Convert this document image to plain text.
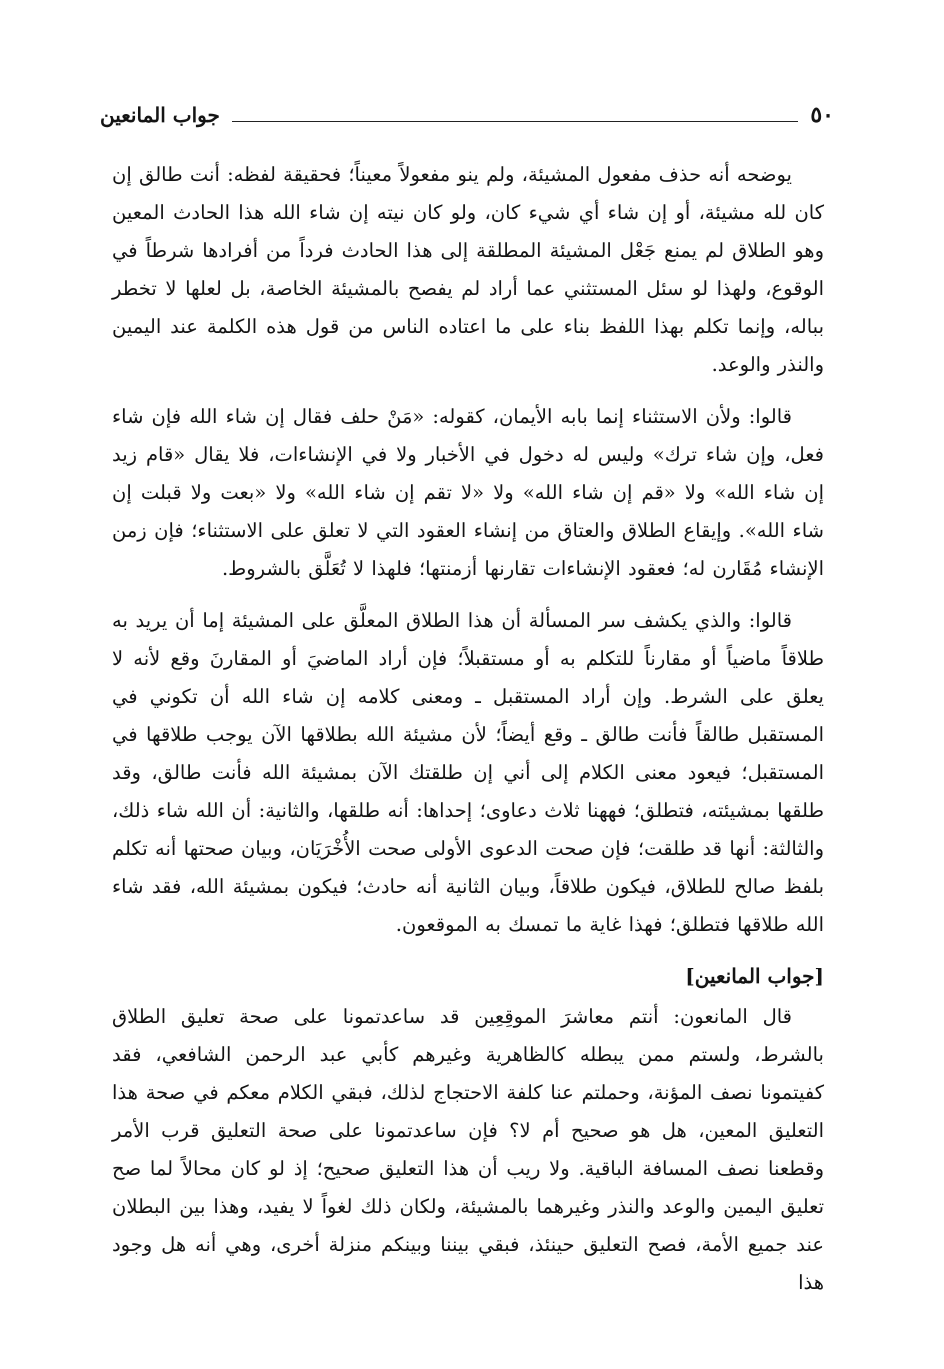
٥٠
جواب المانعين

يوضحه أنه حذف مفعول المشيئة، ولم ينو مفعولاً معيناً؛ فحقيقة لفظه: أنت طالق إن كان لله مشيئة، أو إن شاء أي شيء كان، ولو كان نيته إن شاء الله هذا الحادث المعين وهو الطلاق لم يمنع جَعْل المشيئة المطلقة إلى هذا الحادث فرداً من أفرادها شرطاً في الوقوع، ولهذا لو سئل المستثني عما أراد لم يفصح بالمشيئة الخاصة، بل لعلها لا تخطر بباله، وإنما تكلم بهذا اللفظ بناء على ما اعتاده الناس من قول هذه الكلمة عند اليمين والنذر والوعد.

قالوا: ولأن الاستثناء إنما بابه الأيمان، كقوله: «مَنْ حلف فقال إن شاء الله فإن شاء فعل، وإن شاء ترك» وليس له دخول في الأخبار ولا في الإنشاءات، فلا يقال «قام زيد إن شاء الله» ولا «قم إن شاء الله» ولا «لا تقم إن شاء الله» ولا «بعت ولا قبلت إن شاء الله». وإيقاع الطلاق والعتاق من إنشاء العقود التي لا تعلق على الاستثناء؛ فإن زمن الإنشاء مُقَارن له؛ فعقود الإنشاءات تقارنها أزمنتها؛ فلهذا لا تُعَلَّق بالشروط.

قالوا: والذي يكشف سر المسألة أن هذا الطلاق المعلَّق على المشيئة إما أن يريد به طلاقاً ماضياً أو مقارناً للتكلم به أو مستقبلاً؛ فإن أراد الماضيَ أو المقارنَ وقع لأنه لا يعلق على الشرط. وإن أراد المستقبل ـ ومعنى كلامه إن شاء الله أن تكوني في المستقبل طالقاً فأنت طالق ـ وقع أيضاً؛ لأن مشيئة الله بطلاقها الآن يوجب طلاقها في المستقبل؛ فيعود معنى الكلام إلى أني إن طلقتك الآن بمشيئة الله فأنت طالق، وقد طلقها بمشيئته، فتطلق؛ فههنا ثلاث دعاوى؛ إحداها: أنه طلقها، والثانية: أن الله شاء ذلك، والثالثة: أنها قد طلقت؛ فإن صحت الدعوى الأولى صحت الأُخْرَيَان، وبيان صحتها أنه تكلم بلفظ صالح للطلاق، فيكون طلاقاً، وبيان الثانية أنه حادث؛ فيكون بمشيئة الله، فقد شاء الله طلاقها فتطلق؛ فهذا غاية ما تمسك به الموقعون.

[جواب المانعين]

قال المانعون: أنتم معاشرَ الموقِعِين قد ساعدتمونا على صحة تعليق الطلاق بالشرط، ولستم ممن يبطله كالظاهرية وغيرهم كأبي عبد الرحمن الشافعي، فقد كفيتمونا نصف المؤنة، وحملتم عنا كلفة الاحتجاج لذلك، فبقي الكلام معكم في صحة هذا التعليق المعين، هل هو صحيح أم لا؟ فإن ساعدتمونا على صحة التعليق قرب الأمر وقطعنا نصف المسافة الباقية. ولا ريب أن هذا التعليق صحيح؛ إذ لو كان محالاً لما صح تعليق اليمين والوعد والنذر وغيرهما بالمشيئة، ولكان ذلك لغواً لا يفيد، وهذا بين البطلان عند جميع الأمة، فصح التعليق حينئذ، فبقي بيننا وبينكم منزلة أخرى، وهي أنه هل وجود هذا
